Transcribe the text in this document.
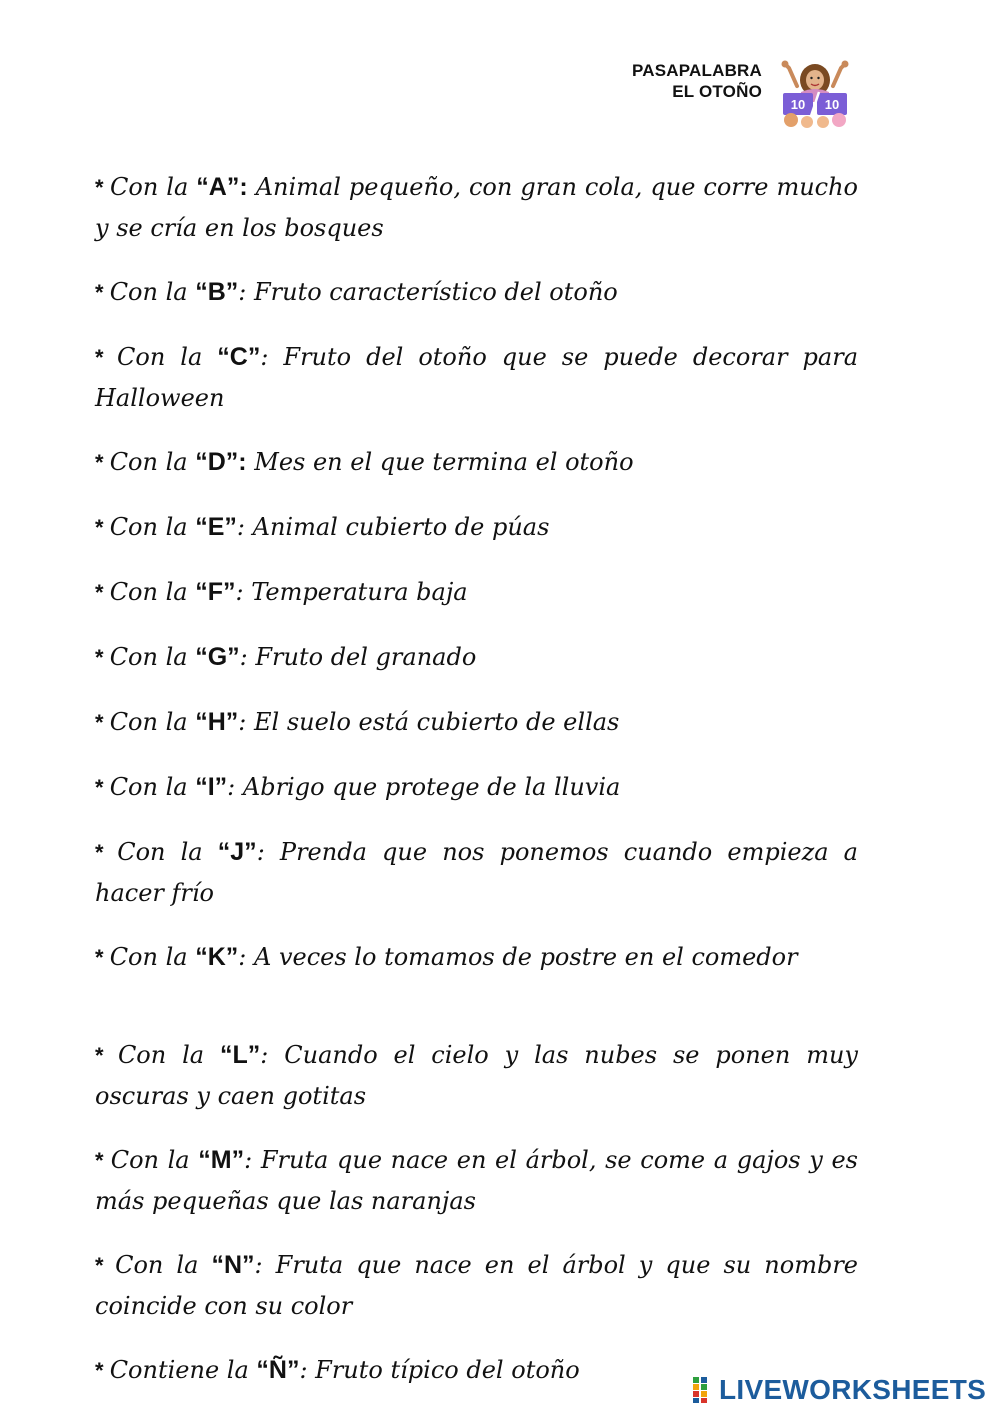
PASAPALABRA
EL OTOÑO
10 10

* Con la “A”: Animal pequeño, con gran cola, que corre mucho y se cría en los bosques

* Con la “B”: Fruto característico del otoño

* Con la “C”: Fruto del otoño que se puede decorar para Halloween

* Con la “D”: Mes en el que termina el otoño

* Con la “E”: Animal cubierto de púas

* Con la “F”: Temperatura baja

* Con la “G”: Fruto del granado

* Con la “H”: El suelo está cubierto de ellas

* Con la “I”: Abrigo que protege de la lluvia

* Con la “J”: Prenda que nos ponemos cuando empieza a hacer frío

* Con la “K”: A veces lo tomamos de postre en el comedor

* Con la “L”: Cuando el cielo y las nubes se ponen muy oscuras y caen gotitas

* Con la “M”: Fruta que nace en el árbol, se come a gajos y es más pequeñas que las naranjas

* Con la “N”: Fruta que nace en el árbol y que su nombre coincide con su color

* Contiene la “Ñ”: Fruto típico del otoño

LIVEWORKSHEETS
